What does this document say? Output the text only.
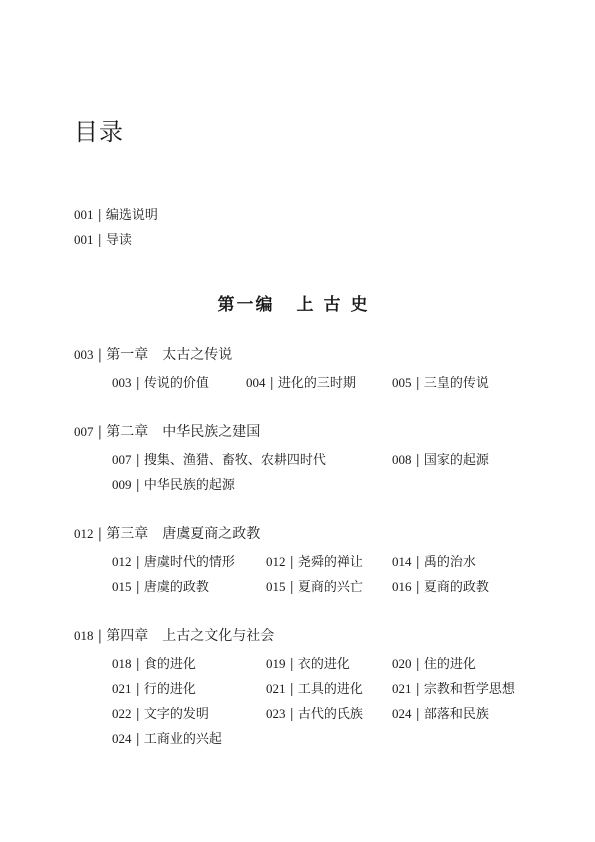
目录
001 | 编选说明
001 | 导读
第一编 上古史
003 | 第一章 太古之传说
003 | 传说的价值	004 | 进化的三时期	005 | 三皇的传说
007 | 第二章 中华民族之建国
007 | 搜集、渔猎、畜牧、农耕四时代	008 | 国家的起源
009 | 中华民族的起源
012 | 第三章 唐虞夏商之政教
012 | 唐虞时代的情形 012 | 尧舜的禅让 014 | 禹的治水
015 | 唐虞的政教	015 | 夏商的兴亡 016 | 夏商的政教
018 | 第四章 上古之文化与社会
018 | 食的进化	019 | 衣的进化	020 | 住的进化
021 | 行的进化	021 | 工具的进化 021 | 宗教和哲学思想
022 | 文字的发明	023 | 古代的氏族 024 | 部落和民族
024 | 工商业的兴起
